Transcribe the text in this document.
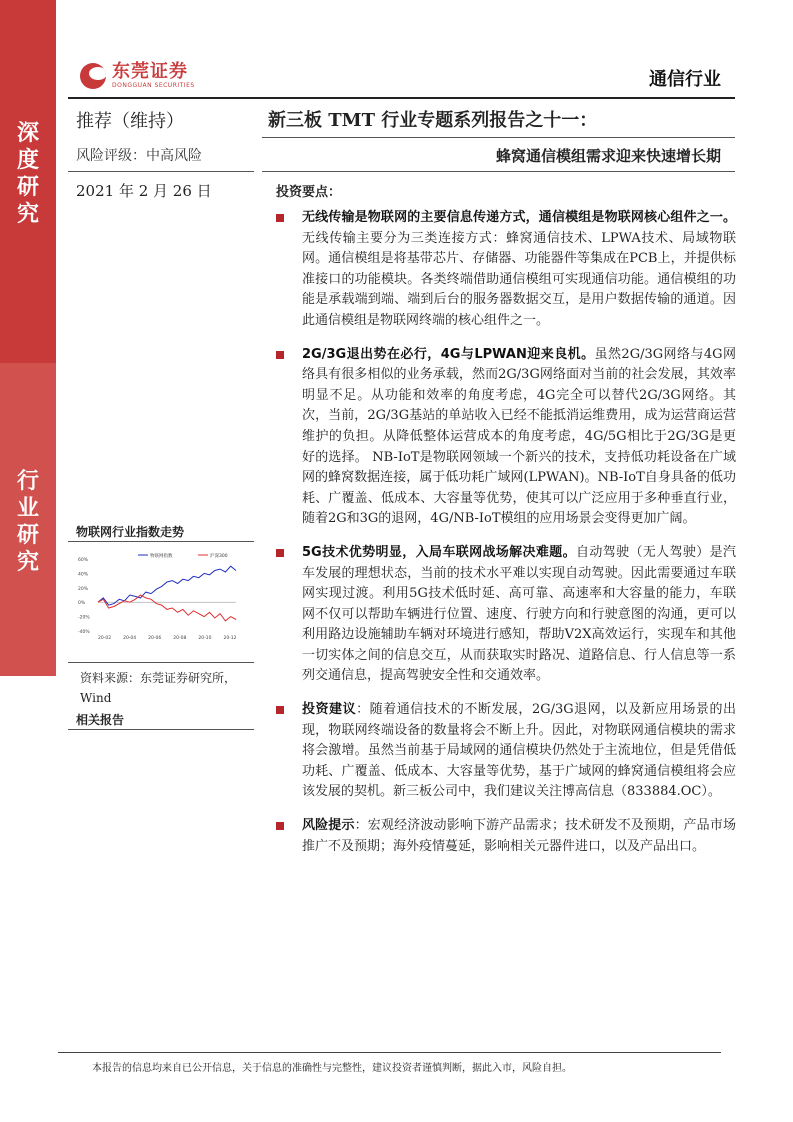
深
度
研
究
行
业
研
究
东莞证券
DONGGUAN SECURITIES	通信行业
推荐（维持）
风险评级：中高风险
2021 年 2 月 26 日
新三板 TMT 行业专题系列报告之十一：
蜂窝通信模组需求迎来快速增长期
投资要点：
无线传输是物联网的主要信息传递方式，通信模组是物联网核心组件之一。无线传输主要分为三类连接方式：蜂窝通信技术、LPWA技术、局域物联网。通信模组是将基带芯片、存储器、功能器件等集成在PCB上，并提供标准接口的功能模块。各类终端借助通信模组可实现通信功能。通信模组的功能是承载端到端、端到后台的服务器数据交互，是用户数据传输的通道。因此通信模组是物联网终端的核心组件之一。
2G/3G退出势在必行，4G与LPWAN迎来良机。虽然2G/3G网络与4G网络具有很多相似的业务承载，然而2G/3G网络面对当前的社会发展，其效率明显不足。从功能和效率的角度考虑，4G完全可以替代2G/3G网络。其次，当前，2G/3G基站的单站收入已经不能抵消运维费用，成为运营商运营维护的负担。从降低整体运营成本的角度考虑，4G/5G相比于2G/3G是更好的选择。 NB-IoT是物联网领域一个新兴的技术，支持低功耗设备在广域网的蜂窝数据连接，属于低功耗广域网(LPWAN)。NB-IoT自身具备的低功耗、广覆盖、低成本、大容量等优势，使其可以广泛应用于多种垂直行业，随着2G和3G的退网，4G/NB-IoT模组的应用场景会变得更加广阔。
5G技术优势明显，入局车联网战场解决难题。自动驾驶（无人驾驶）是汽车发展的理想状态，当前的技术水平难以实现自动驾驶。因此需要通过车联网实现过渡。利用5G技术低时延、高可靠、高速率和大容量的能力，车联网不仅可以帮助车辆进行位置、速度、行驶方向和行驶意图的沟通，更可以利用路边设施辅助车辆对环境进行感知，帮助V2X高效运行，实现车和其他一切实体之间的信息交互，从而获取实时路况、道路信息、行人信息等一系列交通信息，提高驾驶安全性和交通效率。
投资建议：随着通信技术的不断发展，2G/3G退网，以及新应用场景的出现，物联网终端设备的数量将会不断上升。因此，对物联网通信模块的需求将会激增。虽然当前基于局域网的通信模块仍然处于主流地位，但是凭借低功耗、广覆盖、低成本、大容量等优势，基于广域网的蜂窝通信模组将会应该发展的契机。新三板公司中，我们建议关注博高信息（833884.OC）。
风险提示：宏观经济波动影响下游产品需求；技术研发不及预期，产品市场推广不及预期；海外疫情蔓延，影响相关元器件进口，以及产品出口。
物联网行业指数走势
60%
40%
20%
0%
-20%
-40%
20-02	20-04	20-06	20-08	20-10	20-12
物联网指数	沪深300
资料来源：东莞证券研究所，Wind
相关报告
本报告的信息均来自已公开信息，关于信息的准确性与完整性，建议投资者谨慎判断，据此入市，风险自担。
